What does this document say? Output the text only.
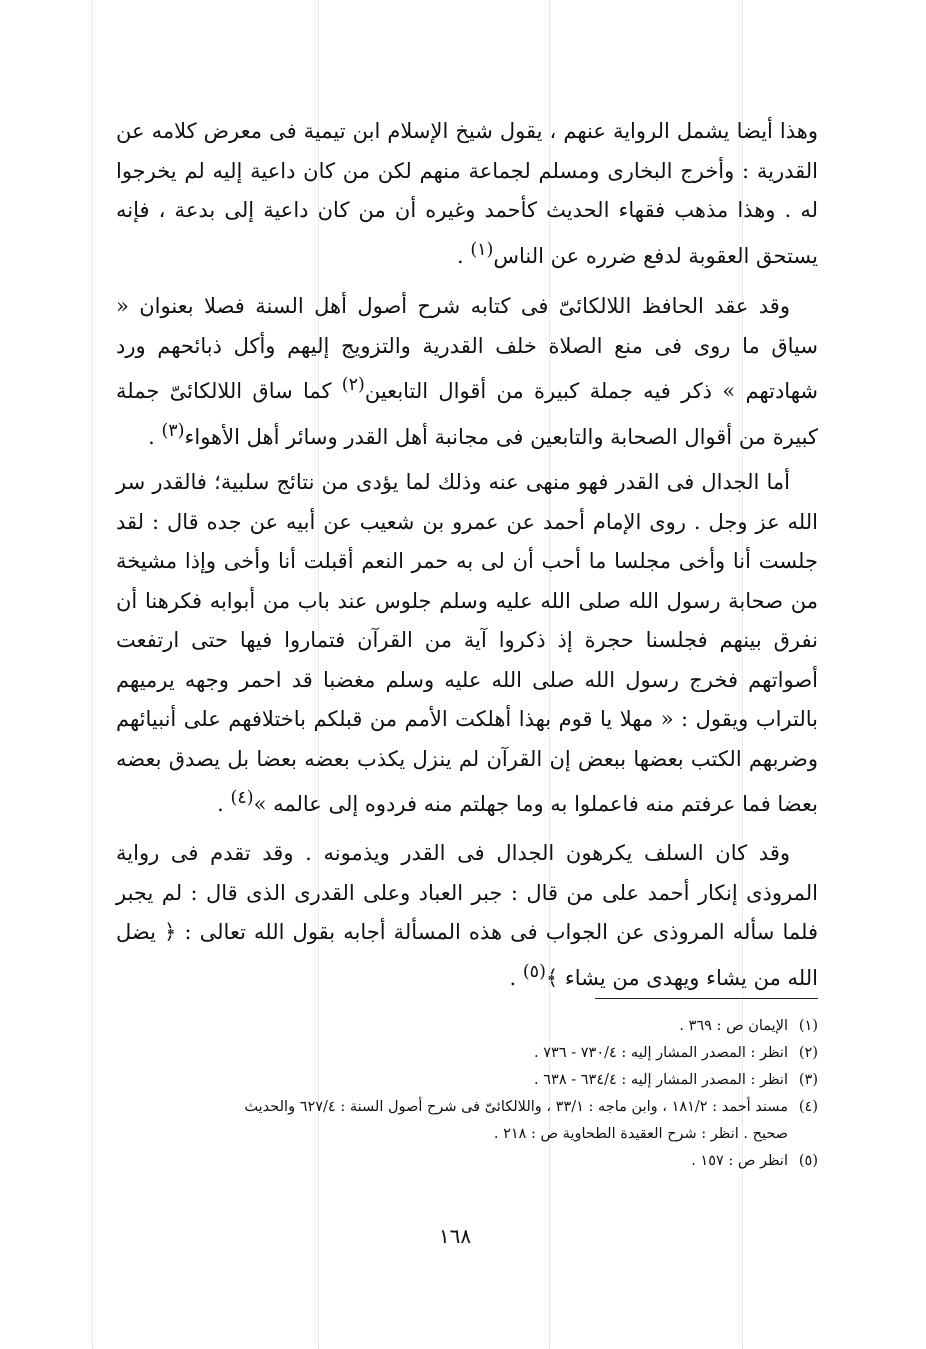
وهذا أيضا يشمل الرواية عنهم ، يقول شيخ الإسلام ابن تيمية فى معرض كلامه عن القدرية : وأخرج البخارى ومسلم لجماعة منهم لكن من كان داعية إليه لم يخرجوا له . وهذا مذهب فقهاء الحديث كأحمد وغيره أن من كان داعية إلى بدعة ، فإنه يستحق العقوبة لدفع ضرره عن الناس$^{(١)}$ .

وقد عقد الحافظ اللالكائىّ فى كتابه شرح أصول أهل السنة فصلا بعنوان « سياق ما روى فى منع الصلاة خلف القدرية والتزويج إليهم وأكل ذبائحهم ورد شهادتهم » ذكر فيه جملة كبيرة من أقوال التابعين$^{(٢)}$ كما ساق اللالكائىّ جملة كبيرة من أقوال الصحابة والتابعين فى مجانبة أهل القدر وسائر أهل الأهواء$^{(٣)}$ .

أما الجدال فى القدر فهو منهى عنه وذلك لما يؤدى من نتائج سلبية؛ فالقدر سر الله عز وجل . روى الإمام أحمد عن عمرو بن شعيب عن أبيه عن جده قال : لقد جلست أنا وأخى مجلسا ما أحب أن لى به حمر النعم أقبلت أنا وأخى وإذا مشيخة من صحابة رسول الله صلى الله عليه وسلم جلوس عند باب من أبوابه فكرهنا أن نفرق بينهم فجلسنا حجرة إذ ذكروا آية من القرآن فتماروا فيها حتى ارتفعت أصواتهم فخرج رسول الله صلى الله عليه وسلم مغضبا قد احمر وجهه يرميهم بالتراب ويقول : « مهلا يا قوم بهذا أهلكت الأمم من قبلكم باختلافهم على أنبيائهم وضربهم الكتب بعضها ببعض إن القرآن لم ينزل يكذب بعضه بعضا بل يصدق بعضه بعضا فما عرفتم منه فاعملوا به وما جهلتم منه فردوه إلى عالمه »$^{(٤)}$ .

وقد كان السلف يكرهون الجدال فى القدر ويذمونه . وقد تقدم فى رواية المروذى إنكار أحمد على من قال : جبر العباد وعلى القدرى الذى قال : لم يجبر فلما سأله المروذى عن الجواب فى هذه المسألة أجابه بقول الله تعالى : ﴿ يضل الله من يشاء ويهدى من يشاء ﴾$^{(٥)}$ .

(١)الإيمان ص : ٣٦٩ .

(٢)انظر : المصدر المشار إليه : ٧٣٠/٤ - ٧٣٦ .

(٣)انظر : المصدر المشار إليه : ٦٣٤/٤ - ٦٣٨ .

(٤)مسند أحمد : ١٨١/٢ ، وابن ماجه : ٣٣/١ ، واللالكائىّ فى شرح أصول السنة : ٦٢٧/٤ والحديث

صحيح . انظر : شرح العقيدة الطحاوية ص : ٢١٨ .

(٥)انظر ص : ١٥٧ .

١٦٨
